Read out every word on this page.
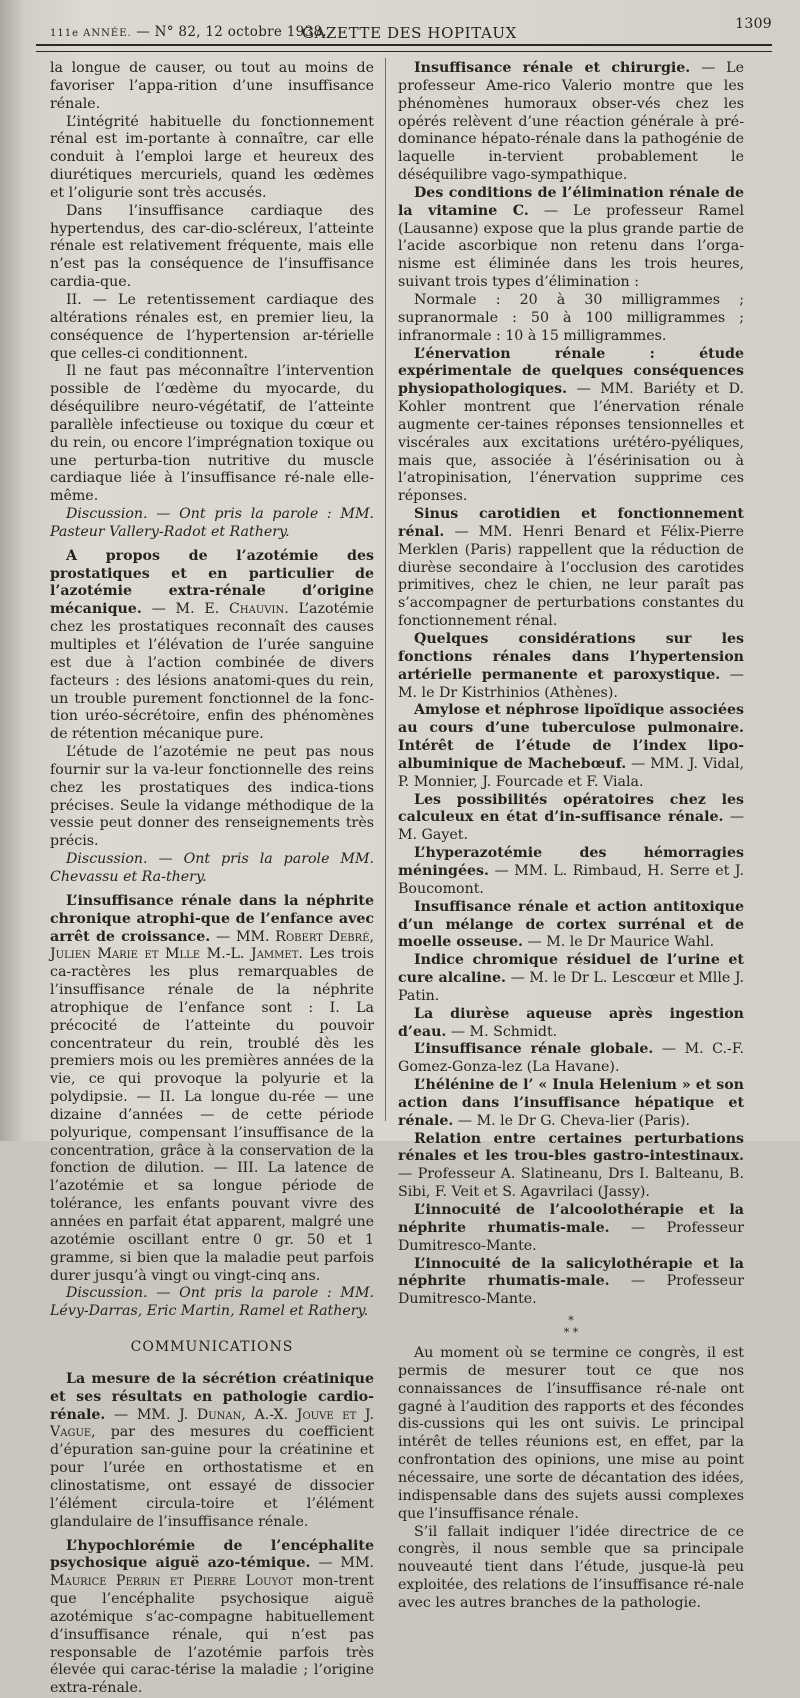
111e ANNÉE. — N° 82, 12 octobre 1938.
GAZETTE DES HOPITAUX	1309

la longue de causer, ou tout au moins de favoriser l’appa-rition d’une insuffisance rénale.

L’intégrité habituelle du fonctionnement rénal est im-portante à connaître, car elle conduit à l’emploi large et heureux des diurétiques mercuriels, quand les œdèmes et l’oligurie sont très accusés.

Dans l’insuffisance cardiaque des hypertendus, des car-dio-scléreux, l’atteinte rénale est relativement fréquente, mais elle n’est pas la conséquence de l’insuffisance cardia-que.

II. — Le retentissement cardiaque des altérations rénales est, en premier lieu, la conséquence de l’hypertension ar-térielle que celles-ci conditionnent.

Il ne faut pas méconnaître l’intervention possible de l’œdème du myocarde, du déséquilibre neuro-végétatif, de l’atteinte parallèle infectieuse ou toxique du cœur et du rein, ou encore l’imprégnation toxique ou une perturba-tion nutritive du muscle cardiaque liée à l’insuffisance ré-nale elle-même.

Discussion. — Ont pris la parole : MM. Pasteur Vallery-Radot et Rathery.

A propos de l’azotémie des prostatiques et en particulier de l’azotémie extra-rénale d’origine mécanique. — M. E. Chauvin. L’azotémie chez les prostatiques reconnaît des causes multiples et l’élévation de l’urée sanguine est due à l’action combinée de divers facteurs : des lésions anatomi-ques du rein, un trouble purement fonctionnel de la fonc-tion uréo-sécrétoire, enfin des phénomènes de rétention mécanique pure.

L’étude de l’azotémie ne peut pas nous fournir sur la va-leur fonctionnelle des reins chez les prostatiques des indica-tions précises. Seule la vidange méthodique de la vessie peut donner des renseignements très précis.

Discussion. — Ont pris la parole MM. Chevassu et Ra-thery.

L’insuffisance rénale dans la néphrite chronique atrophi-que de l’enfance avec arrêt de croissance. — MM. Robert Debré, Julien Marie et Mlle M.-L. Jammet. Les trois ca-ractères les plus remarquables de l’insuffisance rénale de la néphrite atrophique de l’enfance sont : I. La précocité de l’atteinte du pouvoir concentrateur du rein, troublé dès les premiers mois ou les premières années de la vie, ce qui provoque la polyurie et la polydipsie. — II. La longue du-rée — une dizaine d’années — de cette période polyurique, compensant l’insuffisance de la concentration, grâce à la conservation de la fonction de dilution. — III. La latence de l’azotémie et sa longue période de tolérance, les enfants pouvant vivre des années en parfait état apparent, malgré une azotémie oscillant entre 0 gr. 50 et 1 gramme, si bien que la maladie peut parfois durer jusqu’à vingt ou vingt-cinq ans.

Discussion. — Ont pris la parole : MM. Lévy-Darras, Eric Martin, Ramel et Rathery.

COMMUNICATIONS

La mesure de la sécrétion créatinique et ses résultats en pathologie cardio-rénale. — MM. J. Dunan, A.-X. Jouve et J. Vague, par des mesures du coefficient d’épuration san-guine pour la créatinine et pour l’urée en orthostatisme et en clinostatisme, ont essayé de dissocier l’élément circula-toire et l’élément glandulaire de l’insuffisance rénale.

L’hypochlorémie de l’encéphalite psychosique aiguë azo-témique. — MM. Maurice Perrin et Pierre Louyot mon-trent que l’encéphalite psychosique aiguë azotémique s’ac-compagne habituellement d’insuffisance rénale, qui n’est pas responsable de l’azotémie parfois très élevée qui carac-térise la maladie ; l’origine extra-rénale.

Insuffisance rénale et chirurgie. — Le professeur Ame-rico Valerio montre que les phénomènes humoraux obser-vés chez les opérés relèvent d’une réaction générale à pré-dominance hépato-rénale dans la pathogénie de laquelle in-tervient probablement le déséquilibre vago-sympathique.

Des conditions de l’élimination rénale de la vitamine C. — Le professeur Ramel (Lausanne) expose que la plus grande partie de l’acide ascorbique non retenu dans l’orga-nisme est éliminée dans les trois heures, suivant trois types d’élimination :

Normale : 20 à 30 milligrammes ; supranormale : 50 à 100 milligrammes ; infranormale : 10 à 15 milligrammes.

L’énervation rénale : étude expérimentale de quelques conséquences physiopathologiques. — MM. Bariéty et D. Kohler montrent que l’énervation rénale augmente cer-taines réponses tensionnelles et viscérales aux excitations urétéro-pyéliques, mais que, associée à l’ésérinisation ou à l’atropinisation, l’énervation supprime ces réponses.

Sinus carotidien et fonctionnement rénal. — MM. Henri Benard et Félix-Pierre Merklen (Paris) rappellent que la réduction de diurèse secondaire à l’occlusion des carotides primitives, chez le chien, ne leur paraît pas s’accompagner de perturbations constantes du fonctionnement rénal.

Quelques considérations sur les fonctions rénales dans l’hypertension artérielle permanente et paroxystique. — M. le Dr Kistrhinios (Athènes).

Amylose et néphrose lipoïdique associées au cours d’une tuberculose pulmonaire. Intérêt de l’étude de l’index lipo-albuminique de Machebœuf. — MM. J. Vidal, P. Monnier, J. Fourcade et F. Viala.

Les possibilités opératoires chez les calculeux en état d’in-suffisance rénale. — M. Gayet.

L’hyperazotémie des hémorragies méningées. — MM. L. Rimbaud, H. Serre et J. Boucomont.

Insuffisance rénale et action antitoxique d’un mélange de cortex surrénal et de moelle osseuse. — M. le Dr Maurice Wahl.

Indice chromique résiduel de l’urine et cure alcaline. — M. le Dr L. Lescœur et Mlle J. Patin.

La diurèse aqueuse après ingestion d’eau. — M. Schmidt.

L’insuffisance rénale globale. — M. C.-F. Gomez-Gonza-lez (La Havane).

L’hélénine de l’ « Inula Helenium » et son action dans l’insuffisance hépatique et rénale. — M. le Dr G. Cheva-lier (Paris).

Relation entre certaines perturbations rénales et les trou-bles gastro-intestinaux. — Professeur A. Slatineanu, Drs I. Balteanu, B. Sibi, F. Veit et S. Agavrilaci (Jassy).

L’innocuité de l’alcoolothérapie et la néphrite rhumatis-male. — Professeur Dumitresco-Mante.

L’innocuité de la salicylothérapie et la néphrite rhumatis-male. — Professeur Dumitresco-Mante.

*
* *

Au moment où se termine ce congrès, il est permis de mesurer tout ce que nos connaissances de l’insuffisance ré-nale ont gagné à l’audition des rapports et des fécondes dis-cussions qui les ont suivis. Le principal intérêt de telles réunions est, en effet, par la confrontation des opinions, une mise au point nécessaire, une sorte de décantation des idées, indispensable dans des sujets aussi complexes que l’insuffisance rénale.

S’il fallait indiquer l’idée directrice de ce congrès, il nous semble que sa principale nouveauté tient dans l’étude, jusque-là peu exploitée, des relations de l’insuffisance ré-nale avec les autres branches de la pathologie.
